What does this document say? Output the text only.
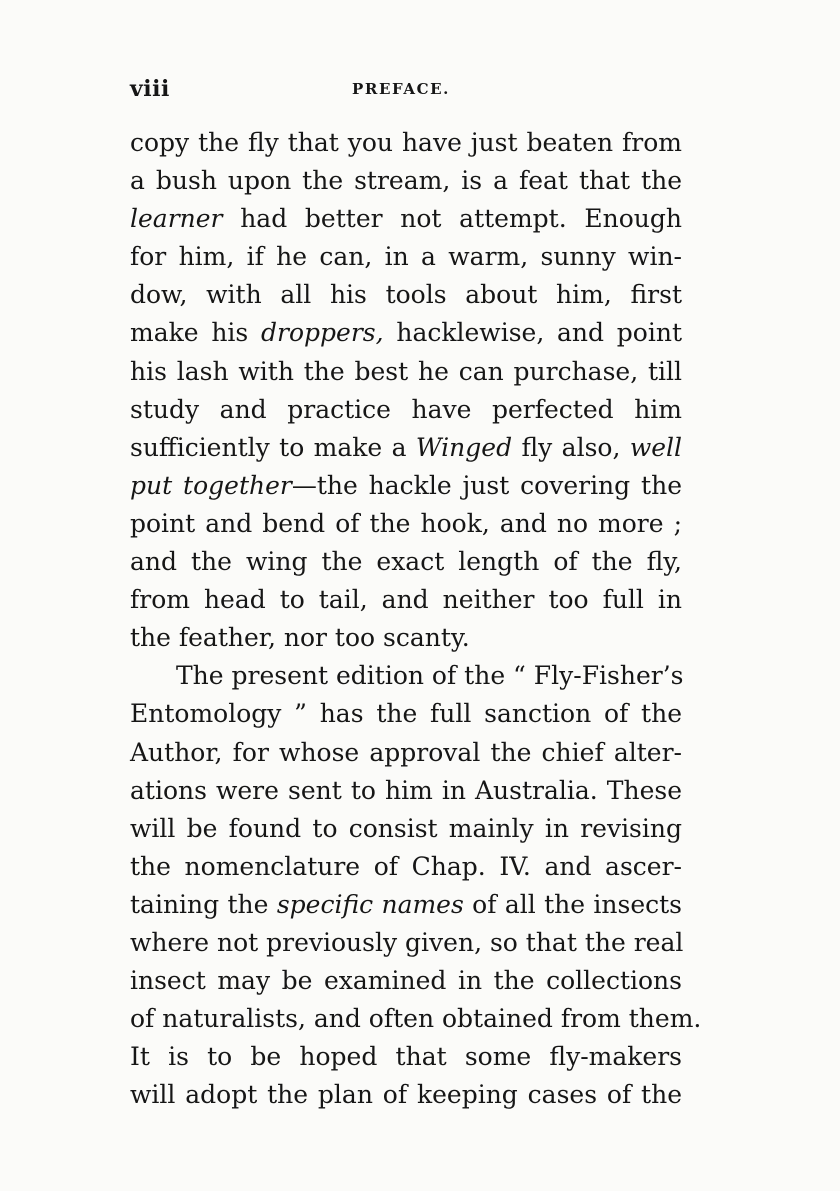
viii	PREFACE.
copy the fly that you have just beaten from
a bush upon the stream, is a feat that the
learner had better not attempt. Enough
for him, if he can, in a warm, sunny win-
dow, with all his tools about him, first
make his droppers, hacklewise, and point
his lash with the best he can purchase, till
study and practice have perfected him
sufficiently to make a Winged fly also, well
put together—the hackle just covering the
point and bend of the hook, and no more ;
and the wing the exact length of the fly,
from head to tail, and neither too full in
the feather, nor too scanty.
The present edition of the “ Fly-Fisher’s
Entomology ” has the full sanction of the
Author, for whose approval the chief alter-
ations were sent to him in Australia. These
will be found to consist mainly in revising
the nomenclature of Chap. IV. and ascer-
taining the specific names of all the insects
where not previously given, so that the real
insect may be examined in the collections
of naturalists, and often obtained from them.
It is to be hoped that some fly-makers
will adopt the plan of keeping cases of the
